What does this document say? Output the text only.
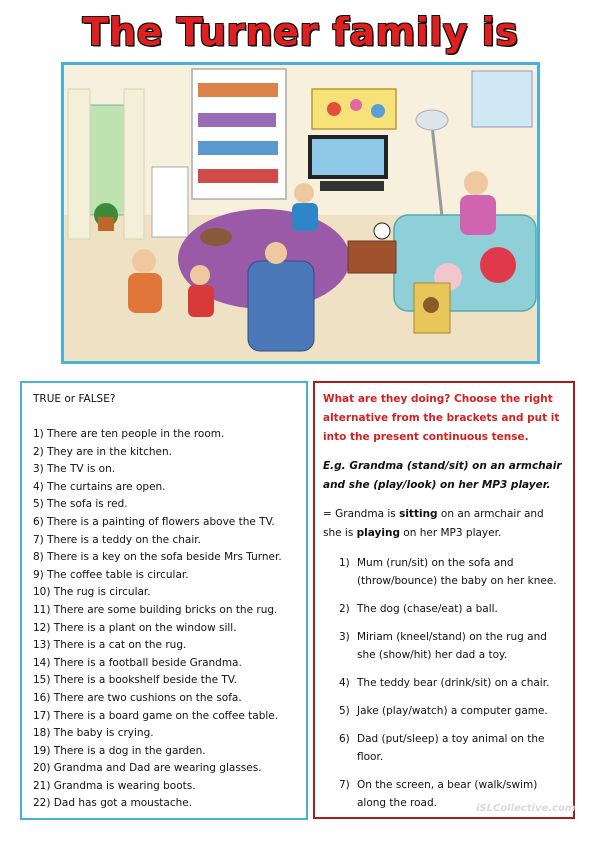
The Turner family is
TRUE or FALSE?
1) There are ten people in the room.
2) They are in the kitchen.
3) The TV is on.
4) The curtains are open.
5) The sofa is red.
6) There is a painting of flowers above the TV.
7) There is a teddy on the chair.
8) There is a key on the sofa beside Mrs Turner.
9) The coffee table is circular.
10) The rug is circular.
11) There are some building bricks on the rug.
12) There is a plant on the window sill.
13) There is a cat on the rug.
14) There is a football beside Grandma.
15) There is a bookshelf beside the TV.
16) There are two cushions on the sofa.
17) There is a board game on the coffee table.
18) The baby is crying.
19) There is a dog in the garden.
20) Grandma and Dad are wearing glasses.
21) Grandma is wearing boots.
22) Dad has got a moustache.
What are they doing? Choose the right alternative from the brackets and put it into the present continuous tense.
E.g. Grandma (stand/sit) on an armchair and she (play/look) on her MP3 player.
= Grandma is sitting on an armchair and she is playing on her MP3 player.
1) Mum (run/sit) on the sofa and (throw/bounce) the baby on her knee.
2) The dog (chase/eat) a ball.
3) Miriam (kneel/stand) on the rug and she (show/hit) her dad a toy.
4) The teddy bear (drink/sit) on a chair.
5) Jake (play/watch) a computer game.
6) Dad (put/sleep) a toy animal on the floor.
7) On the screen, a bear (walk/swim) along the road.	iSLCollective.com
